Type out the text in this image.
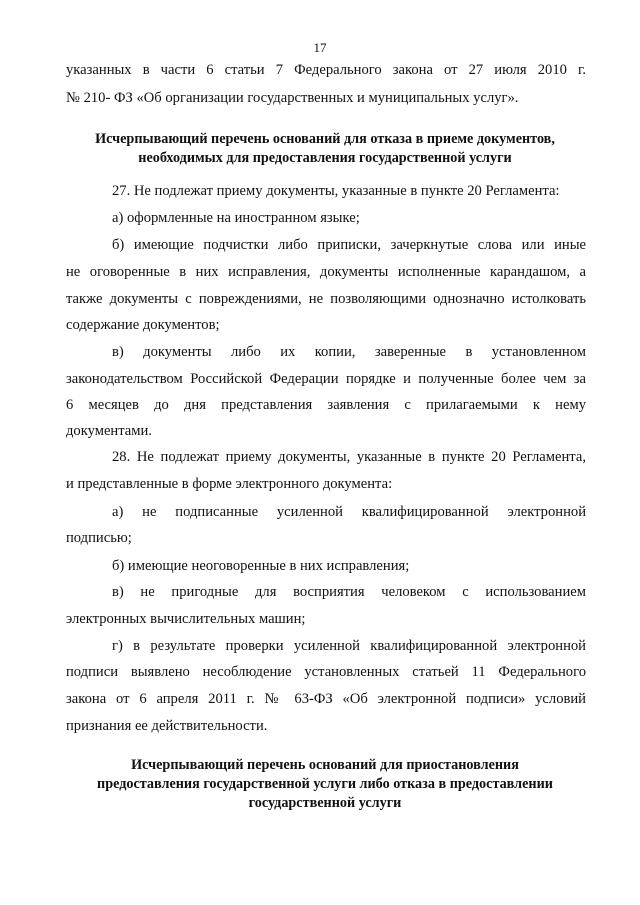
17
указанных в части 6 статьи 7 Федерального закона от 27 июля 2010 г.
№ 210- ФЗ «Об организации государственных и муниципальных услуг».
Исчерпывающий перечень оснований для отказа в приеме документов,
необходимых для предоставления государственной услуги
27. Не подлежат приему документы, указанные в пункте 20 Регламента:
а) оформленные на иностранном языке;
б) имеющие подчистки либо приписки, зачеркнутые слова или иные
не оговоренные в них исправления, документы исполненные карандашом, а
также документы с повреждениями, не позволяющими однозначно истолковать
содержание документов;
в) документы либо их копии, заверенные в установленном
законодательством Российской Федерации порядке и полученные более чем за
6 месяцев до дня представления заявления с прилагаемыми к нему
документами.
28. Не подлежат приему документы, указанные в пункте 20 Регламента,
и представленные в форме электронного документа:
а) не подписанные усиленной квалифицированной электронной
подписью;
б) имеющие неоговоренные в них исправления;
в) не пригодные для восприятия человеком с использованием
электронных вычислительных машин;
г) в результате проверки усиленной квалифицированной электронной
подписи выявлено несоблюдение установленных статьей 11 Федерального
закона от 6 апреля 2011 г. № 63-ФЗ «Об электронной подписи» условий
признания ее действительности.
Исчерпывающий перечень оснований для приостановления
предоставления государственной услуги либо отказа в предоставлении
государственной услуги
